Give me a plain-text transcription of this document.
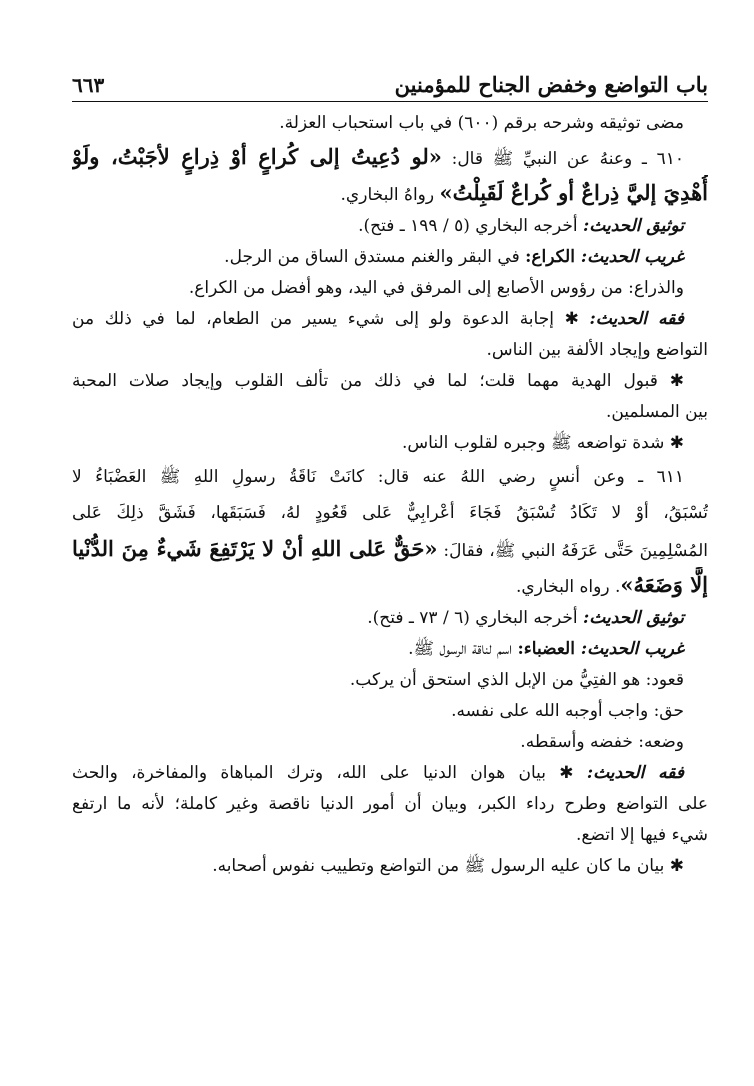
باب التواضع وخفض الجناح للمؤمنين
٦٦٣
مضى توثيقه وشرحه برقم (٦٠٠) في باب استحباب العزلة.
٦١٠ ـ وعنهُ عن النبيِّ ﷺ قال: «لو دُعِيتُ إلى كُراعٍ أوْ ذِراعٍ لأجَبْتُ، ولَوْ
أُهْدِيَ إليَّ ذِراعٌ أو كُراعٌ لَقَبِلْتُ» رواهُ البخاري.
توثيق الحديث: أخرجه البخاري (٥ / ١٩٩ ـ فتح).
غريب الحديث: الكراع: في البقر والغنم مستدق الساق من الرجل.
والذراع: من رؤوس الأصابع إلى المرفق في اليد، وهو أفضل من الكراع.
فقه الحديث: ✱ إجابة الدعوة ولو إلى شيء يسير من الطعام، لما في ذلك من
التواضع وإيجاد الألفة بين الناس.
✱ قبول الهدية مهما قلت؛ لما في ذلك من تألف القلوب وإيجاد صلات المحبة
بين المسلمين.
✱ شدة تواضعه ﷺ وجبره لقلوب الناس.
٦١١ ـ وعن أنسٍ رضي اللهُ عنه قال: كانَتْ نَاقَةُ رسولِ اللهِ ﷺ العَضْبَاءُ لا
تُسْبَقُ، أوْ لا تَكَادُ تُسْبَقُ فَجَاءَ أعْرابِيٌّ عَلى قَعُودٍ لهُ، فَسَبَقَها، فَشَقَّ ذلِكَ عَلى
المُسْلِمِينَ حَتَّى عَرَفَهُ النبي ﷺ، فقالَ: «حَقٌّ عَلى اللهِ أنْ لا يَرْتَفِعَ شَيءٌ مِنَ الدُّنْيا
إلَّا وَضَعَهُ». رواه البخاري.
توثيق الحديث: أخرجه البخاري (٦ / ٧٣ ـ فتح).
غريب الحديث: العضباء: اسم لناقة الرسول ﷺ.
قعود: هو الفتِيُّ من الإبل الذي استحق أن يركب.
حق: واجب أوجبه الله على نفسه.
وضعه: خفضه وأسقطه.
فقه الحديث: ✱ بيان هوان الدنيا على الله، وترك المباهاة والمفاخرة، والحث
على التواضع وطرح رداء الكبر، وبيان أن أمور الدنيا ناقصة وغير كاملة؛ لأنه ما ارتفع
شيء فيها إلا اتضع.
✱ بيان ما كان عليه الرسول ﷺ من التواضع وتطييب نفوس أصحابه.
